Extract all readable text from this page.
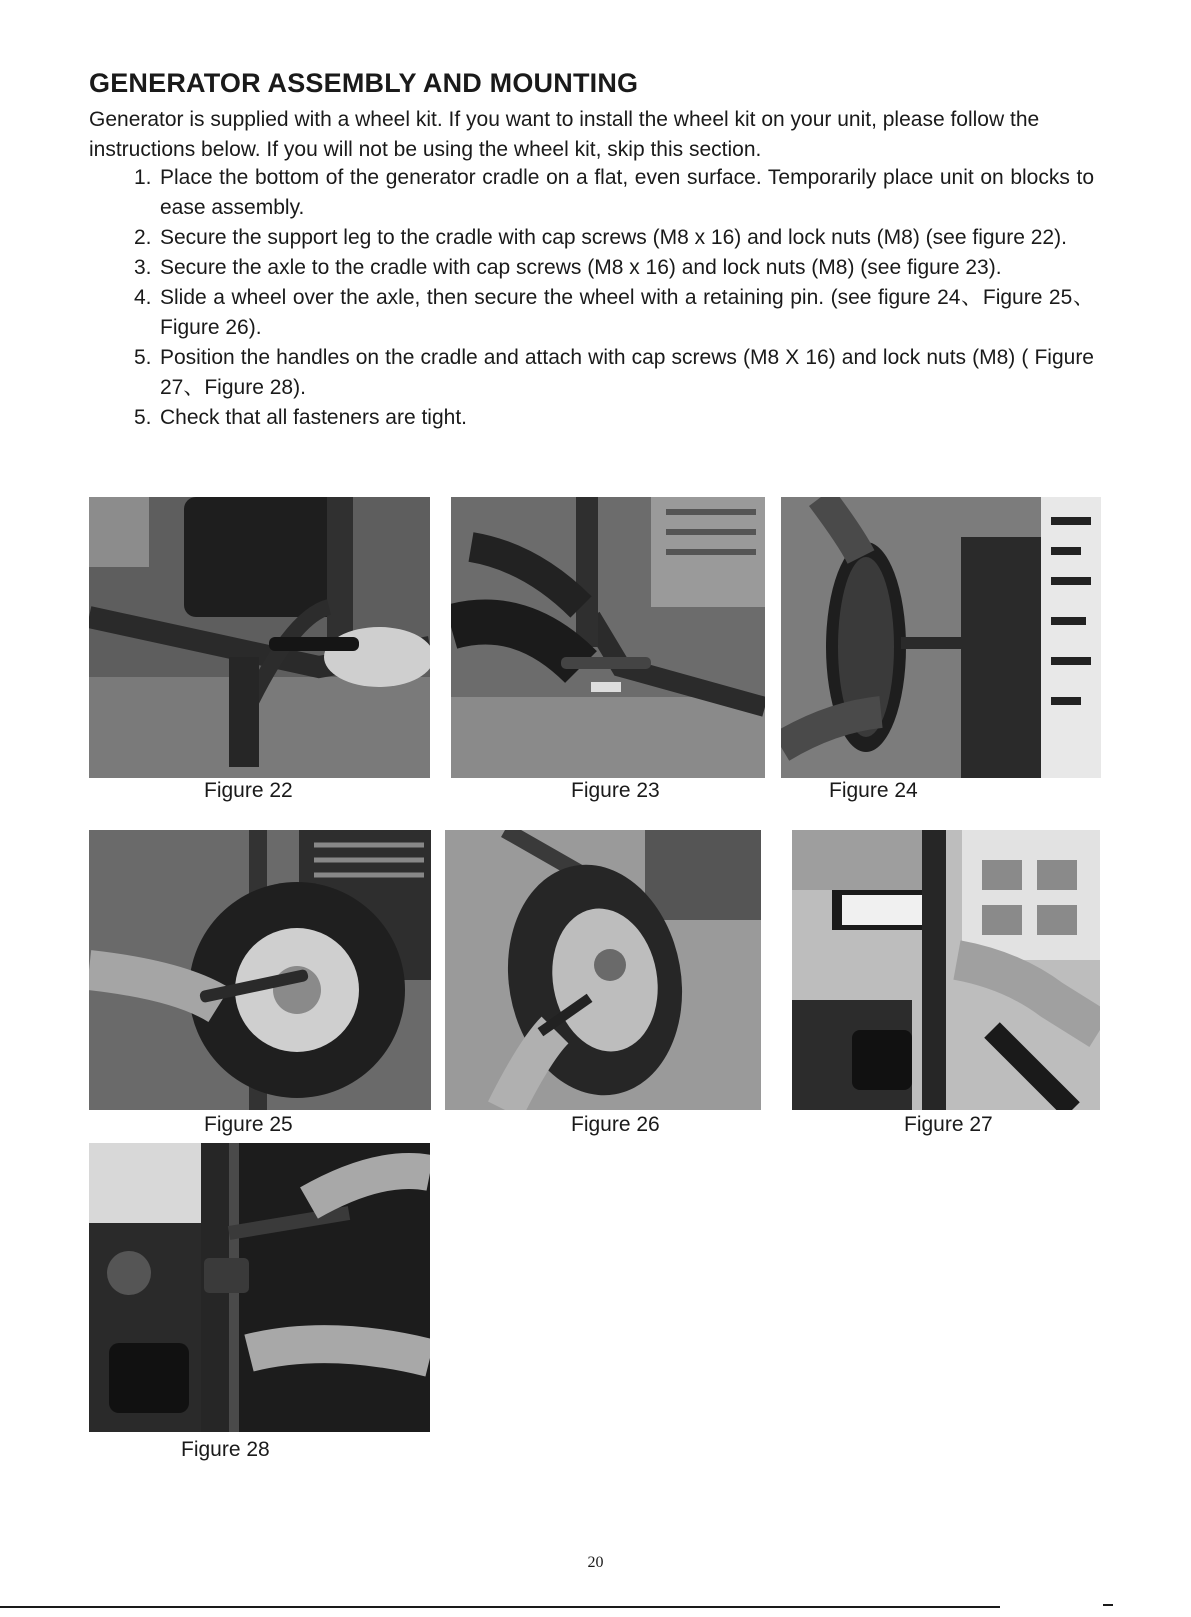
GENERATOR ASSEMBLY AND MOUNTING
Generator is supplied with a wheel kit. If you want to install the wheel kit on your unit, please follow the instructions below. If you will not be using the wheel kit, skip this section.
1. Place the bottom of the generator cradle on a flat, even surface. Temporarily place unit on blocks to ease assembly.
2. Secure the support leg to the cradle with cap screws (M8 x 16) and lock nuts (M8) (see figure 22).
3. Secure the axle to the cradle with cap screws (M8 x 16) and lock nuts (M8) (see figure 23).
4. Slide a wheel over the axle, then secure the wheel with a retaining pin. (see figure 24、Figure 25、Figure 26).
5. Position the handles on the cradle and attach with cap screws (M8 X 16) and lock nuts (M8) ( Figure 27、Figure 28).
5. Check that all fasteners are tight.
Figure 22	Figure 23	Figure 24
Figure 25	Figure 26	Figure 27
Figure 28
20
